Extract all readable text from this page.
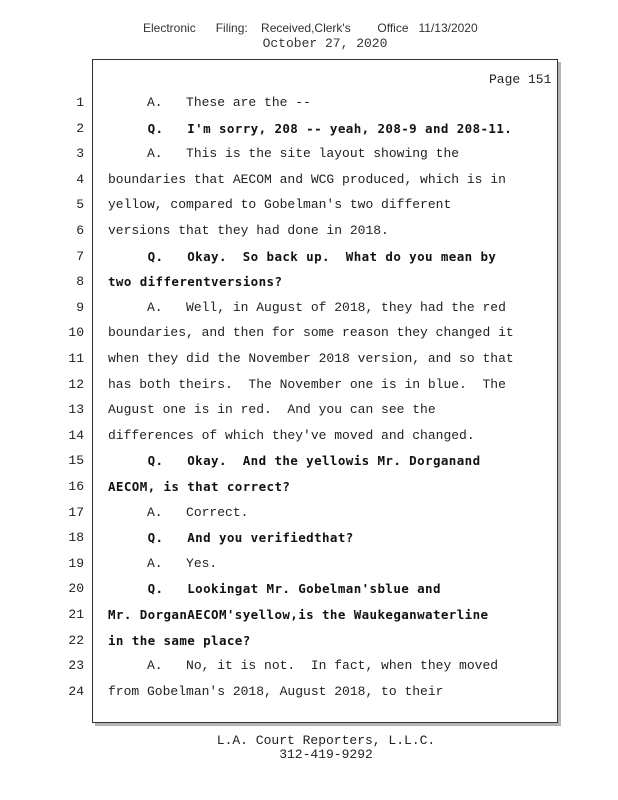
Electronic      Filing:    Received,Clerk's        Office   11/13/2020
October 27, 2020
Page 151
1 A.   These are the --
2 Q.   I'm sorry, 208 -- yeah, 208-9 and 208-11.
3 A.   This is the site layout showing the
4 boundaries that AECOM and WCG produced, which is in
5 yellow, compared to Gobelman's two different
6 versions that they had done in 2018.
7 Q.   Okay.  So back up.  What do you mean by
8 two differentversions?
9 A.   Well, in August of 2018, they had the red
10 boundaries, and then for some reason they changed it
11 when they did the November 2018 version, and so that
12 has both theirs.  The November one is in blue.  The
13 August one is in red.  And you can see the
14 differences of which they've moved and changed.
15 Q.   Okay.  And the yellowis Mr. Dorganand
16 AECOM, is that correct?
17 A.   Correct.
18 Q.   And you verifiedthat?
19 A.   Yes.
20 Q.   Lookingat Mr. Gobelman'sblue and
21 Mr. DorganAECOM'syellow,is the Waukeganwaterline
22 in the same place?
23 A.   No, it is not.  In fact, when they moved
24 from Gobelman's 2018, August 2018, to their
L.A. Court Reporters, L.L.C.
312-419-9292
